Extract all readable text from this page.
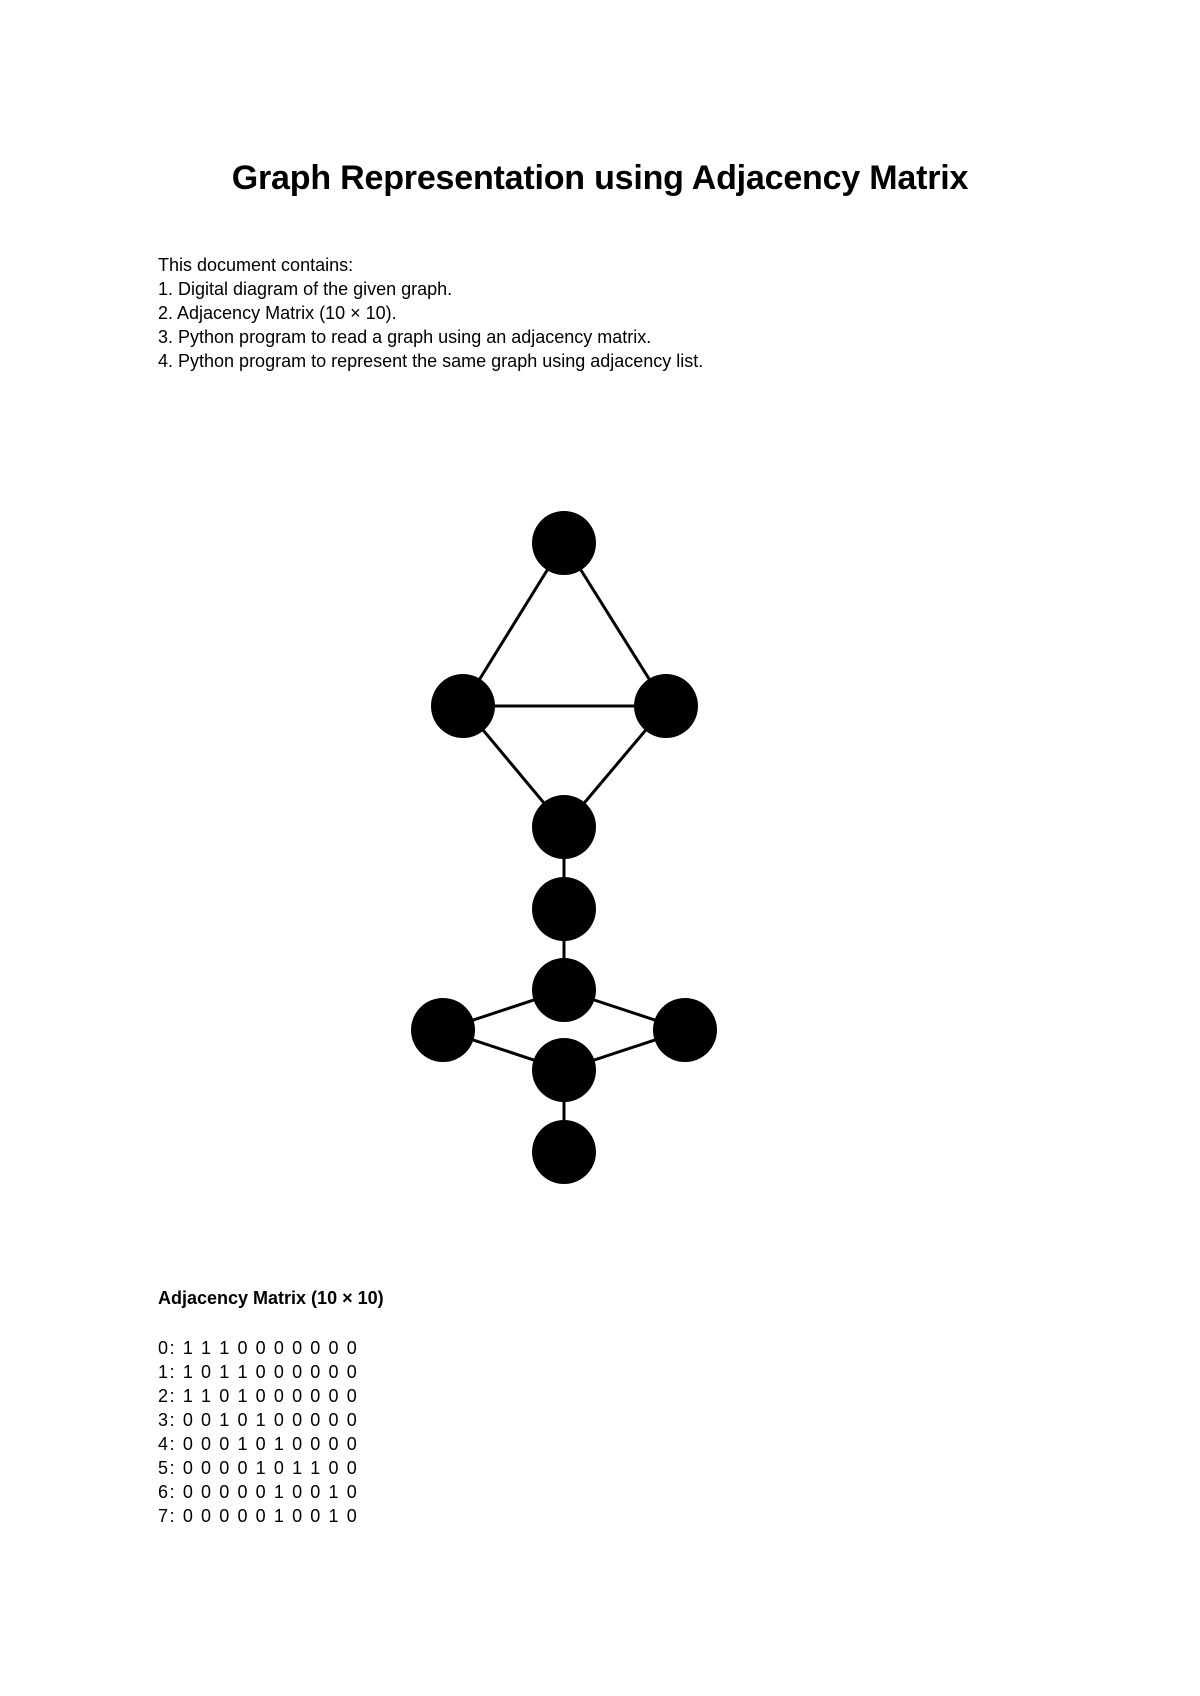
Graph Representation using Adjacency Matrix
This document contains:
1. Digital diagram of the given graph.
2. Adjacency Matrix (10 × 10).
3. Python program to read a graph using an adjacency matrix.
4. Python program to represent the same graph using adjacency list.
Adjacency Matrix (10 × 10)
0: 1 1 1 0 0 0 0 0 0 0
1: 1 0 1 1 0 0 0 0 0 0
2: 1 1 0 1 0 0 0 0 0 0
3: 0 0 1 0 1 0 0 0 0 0
4: 0 0 0 1 0 1 0 0 0 0
5: 0 0 0 0 1 0 1 1 0 0
6: 0 0 0 0 0 1 0 0 1 0
7: 0 0 0 0 0 1 0 0 1 0
